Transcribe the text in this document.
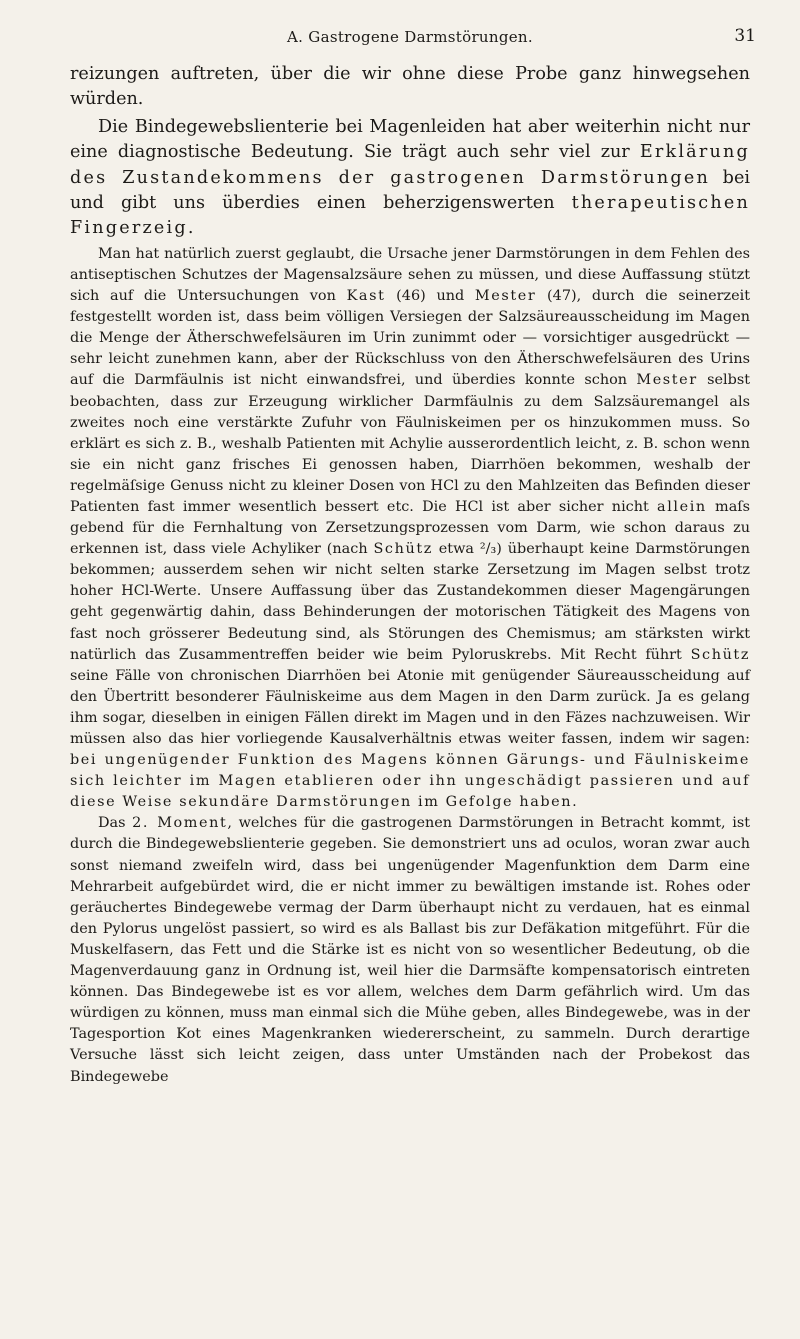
A. Gastrogene Darmstörungen.	31

reizungen auftreten, über die wir ohne diese Probe ganz hinwegsehen würden.

Die Bindegewebslienterie bei Magenleiden hat aber weiterhin nicht nur eine diagnostische Bedeutung. Sie trägt auch sehr viel zur Erklärung des Zustandekommens der gastrogenen Darmstörungen bei und gibt uns überdies einen beherzigenswerten therapeutischen Fingerzeig.

Man hat natürlich zuerst geglaubt, die Ursache jener Darmstörungen in dem Fehlen des antiseptischen Schutzes der Magensalzsäure sehen zu müssen, und diese Auffassung stützt sich auf die Untersuchungen von Kast (46) und Mester (47), durch die seinerzeit festgestellt worden ist, dass beim völligen Versiegen der Salzsäureausscheidung im Magen die Menge der Ätherschwefelsäuren im Urin zunimmt oder — vorsichtiger ausgedrückt — sehr leicht zunehmen kann, aber der Rückschluss von den Ätherschwefelsäuren des Urins auf die Darmfäulnis ist nicht einwandsfrei, und überdies konnte schon Mester selbst beobachten, dass zur Erzeugung wirklicher Darmfäulnis zu dem Salzsäuremangel als zweites noch eine verstärkte Zufuhr von Fäulniskeimen per os hinzukommen muss. So erklärt es sich z. B., weshalb Patienten mit Achylie ausserordentlich leicht, z. B. schon wenn sie ein nicht ganz frisches Ei genossen haben, Diarrhöen bekommen, weshalb der regelmäſsige Genuss nicht zu kleiner Dosen von HCl zu den Mahlzeiten das Befinden dieser Patienten fast immer wesentlich bessert etc. Die HCl ist aber sicher nicht allein maſs gebend für die Fernhaltung von Zersetzungsprozessen vom Darm, wie schon daraus zu erkennen ist, dass viele Achyliker (nach Schütz etwa ²/₃) überhaupt keine Darmstörungen bekommen; ausserdem sehen wir nicht selten starke Zersetzung im Magen selbst trotz hoher HCl-Werte. Unsere Auffassung über das Zustandekommen dieser Magengärungen geht gegenwärtig dahin, dass Behinderungen der motorischen Tätigkeit des Magens von fast noch grösserer Bedeutung sind, als Störungen des Chemismus; am stärksten wirkt natürlich das Zusammentreffen beider wie beim Pyloruskrebs. Mit Recht führt Schütz seine Fälle von chronischen Diarrhöen bei Atonie mit genügender Säureausscheidung auf den Übertritt besonderer Fäulniskeime aus dem Magen in den Darm zurück. Ja es gelang ihm sogar, dieselben in einigen Fällen direkt im Magen und in den Fäzes nachzuweisen. Wir müssen also das hier vorliegende Kausalverhältnis etwas weiter fassen, indem wir sagen: bei ungenügender Funktion des Magens können Gärungs- und Fäulniskeime sich leichter im Magen etablieren oder ihn ungeschädigt passieren und auf diese Weise sekundäre Darmstörungen im Gefolge haben.

Das 2. Moment, welches für die gastrogenen Darmstörungen in Betracht kommt, ist durch die Bindegewebslienterie gegeben. Sie demonstriert uns ad oculos, woran zwar auch sonst niemand zweifeln wird, dass bei ungenügender Magenfunktion dem Darm eine Mehrarbeit aufgebürdet wird, die er nicht immer zu bewältigen imstande ist. Rohes oder geräuchertes Bindegewebe vermag der Darm überhaupt nicht zu verdauen, hat es einmal den Pylorus ungelöst passiert, so wird es als Ballast bis zur Defäkation mitgeführt. Für die Muskelfasern, das Fett und die Stärke ist es nicht von so wesentlicher Bedeutung, ob die Magenverdauung ganz in Ordnung ist, weil hier die Darmsäfte kompensatorisch eintreten können. Das Bindegewebe ist es vor allem, welches dem Darm gefährlich wird. Um das würdigen zu können, muss man einmal sich die Mühe geben, alles Bindegewebe, was in der Tagesportion Kot eines Magenkranken wiedererscheint, zu sammeln. Durch derartige Versuche lässt sich leicht zeigen, dass unter Umständen nach der Probekost das Bindegewebe
